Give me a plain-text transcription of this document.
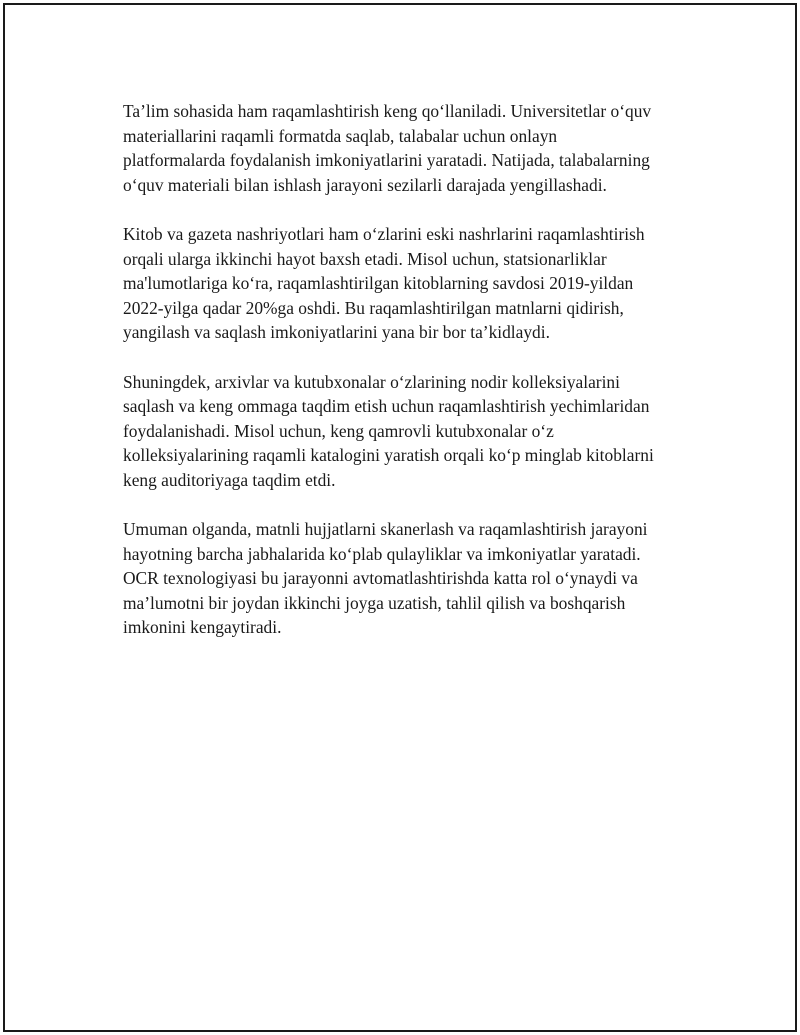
Ta’lim sohasida ham raqamlashtirish keng qo‘llaniladi. Universitetlar o‘quv
materiallarini raqamli formatda saqlab, talabalar uchun onlayn
platformalarda foydalanish imkoniyatlarini yaratadi. Natijada, talabalarning
o‘quv materiali bilan ishlash jarayoni sezilarli darajada yengillashadi.

Kitob va gazeta nashriyotlari ham o‘zlarini eski nashrlarini raqamlashtirish
orqali ularga ikkinchi hayot baxsh etadi. Misol uchun, statsionarliklar
ma'lumotlariga ko‘ra, raqamlashtirilgan kitoblarning savdosi 2019-yildan
2022-yilga qadar 20%ga oshdi. Bu raqamlashtirilgan matnlarni qidirish,
yangilash va saqlash imkoniyatlarini yana bir bor ta’kidlaydi.

Shuningdek, arxivlar va kutubxonalar o‘zlarining nodir kolleksiyalarini
saqlash va keng ommaga taqdim etish uchun raqamlashtirish yechimlaridan
foydalanishadi. Misol uchun, keng qamrovli kutubxonalar o‘z
kolleksiyalarining raqamli katalogini yaratish orqali ko‘p minglab kitoblarni
keng auditoriyaga taqdim etdi.

Umuman olganda, matnli hujjatlarni skanerlash va raqamlashtirish jarayoni
hayotning barcha jabhalarida ko‘plab qulayliklar va imkoniyatlar yaratadi.
OCR texnologiyasi bu jarayonni avtomatlashtirishda katta rol o‘ynaydi va
ma’lumotni bir joydan ikkinchi joyga uzatish, tahlil qilish va boshqarish
imkonini kengaytiradi.
